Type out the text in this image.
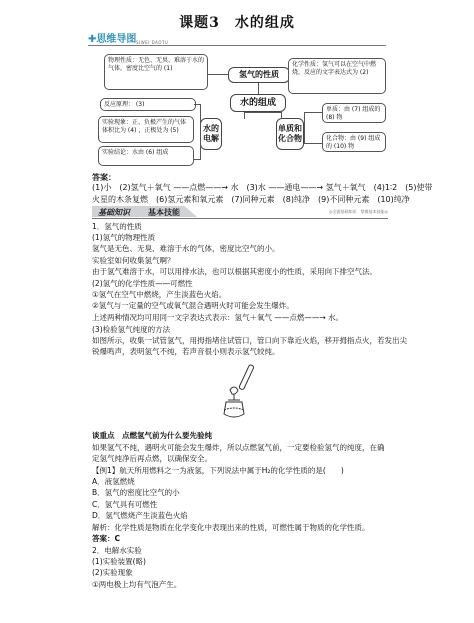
课题3　水的组成
✚思维导图 SIWEI DAOTU
物理性质：无色、无臭、难溶于水的气体，密度比空气的 (1)
氢气的性质
化学性质：氢气可以在空气中燃烧，反应的文字表达式为 (2)
反应原理： (3)
实验现象：正、负极产生的气体体积比为 (4) ，正极处为 (5)
实验结论：水由 (6) 组成
水的组成
水的电解
单质和化合物
单质：由 (7) 组成的 (8) 物
化合物：由 (9) 组成的 (10) 物
答案：
(1)小　(2)氢气＋氧气 ——点燃——→ 水　(3)水 ——通电——→ 氢气＋氧气　(4)1∶2　(5)使带
火星的木条复燃　(6)氢元素和氧元素　(7)同种元素　(8)纯净　(9)不同种元素　(10)纯净
基础知识 基本技能	◎全面基础知识　掌握基本技能◎
1．氢气的性质
(1)氢气的物理性质
氢气是无色、无臭、难溶于水的气体，密度比空气的小。
实验室如何收集氢气啊？
由于氢气难溶于水，可以用排水法，也可以根据其密度小的性质，采用向下排空气法。
(2)氢气的化学性质——可燃性
①氢气在空气中燃烧，产生淡蓝色火焰。
②氢气与一定量的空气或氧气混合遇明火时可能会发生爆炸。
上述两种情况均可用同一文字表达式表示：氢气＋氧气 ——点燃——→ 水。
(3)检验氢气纯度的方法
如图所示，收集一试管氢气，用拇指堵住试管口，管口向下靠近火焰，移开拇指点火，若发出尖
锐爆鸣声，表明氢气不纯，若声音很小则表示氢气较纯。
谈重点　点燃氢气前为什么要先验纯
如果氢气不纯，遇明火可能会发生爆炸，所以点燃氢气前，一定要检验氢气的纯度，在确
定氢气纯净后再点燃，以确保安全。
【例1】航天所用燃料之一为液氢，下列说法中属于H₂的化学性质的是(　　)
A．液氢燃烧
B．氢气的密度比空气的小
C．氢气具有可燃性
D．氢气燃烧产生淡蓝色火焰
解析：化学性质是物质在化学变化中表现出来的性质，可燃性属于物质的化学性质。
答案：C
2．电解水实验
(1)实验装置(略)
(2)实验现象
①两电极上均有气泡产生。
